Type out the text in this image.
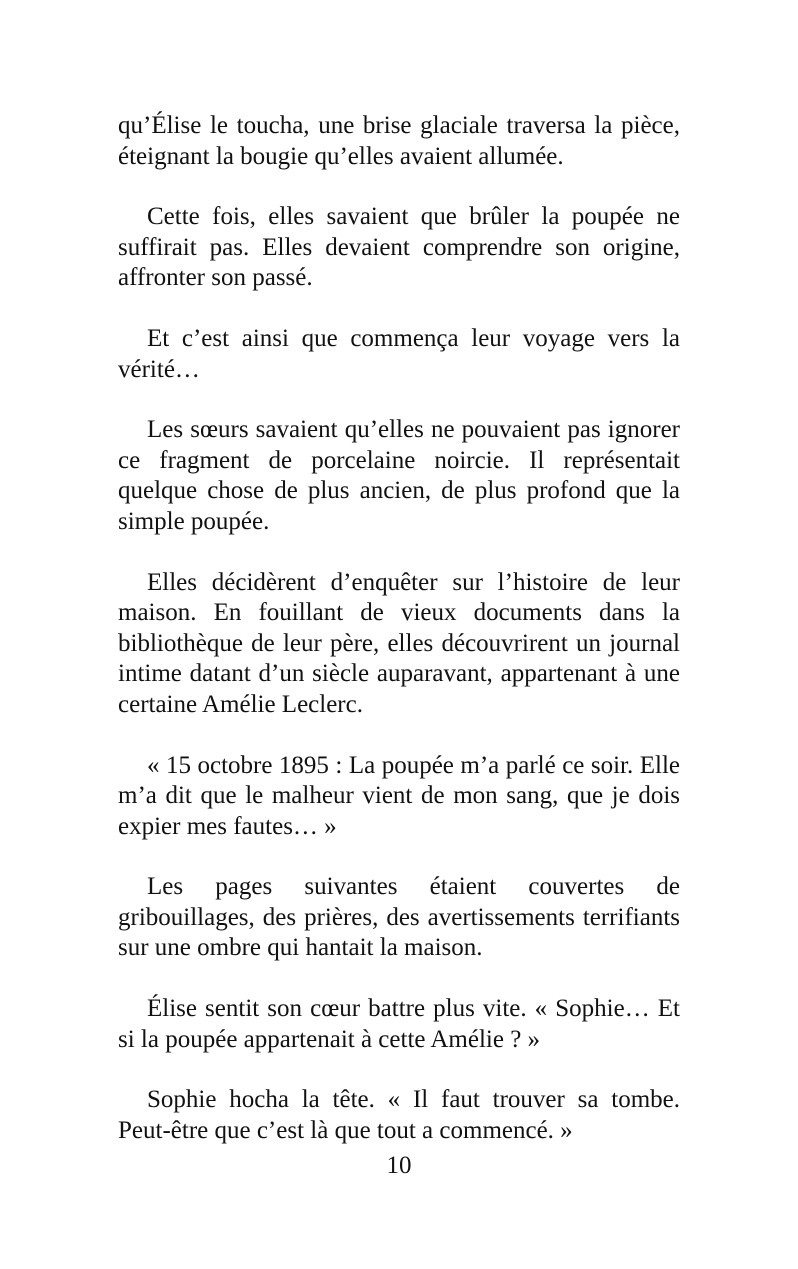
qu’Élise le toucha, une brise glaciale traversa la pièce, éteignant la bougie qu’elles avaient allumée.

Cette fois, elles savaient que brûler la poupée ne suffirait pas. Elles devaient comprendre son origine, affronter son passé.

Et c’est ainsi que commença leur voyage vers la vérité…

Les sœurs savaient qu’elles ne pouvaient pas ignorer ce fragment de porcelaine noircie. Il représentait quelque chose de plus ancien, de plus profond que la simple poupée.

Elles décidèrent d’enquêter sur l’histoire de leur maison. En fouillant de vieux documents dans la bibliothèque de leur père, elles découvrirent un journal intime datant d’un siècle auparavant, appartenant à une certaine Amélie Leclerc.

« 15 octobre 1895 : La poupée m’a parlé ce soir. Elle m’a dit que le malheur vient de mon sang, que je dois expier mes fautes… »

Les pages suivantes étaient couvertes de gribouillages, des prières, des avertissements terrifiants sur une ombre qui hantait la maison.

Élise sentit son cœur battre plus vite. « Sophie… Et si la poupée appartenait à cette Amélie ? »

Sophie hocha la tête. « Il faut trouver sa tombe. Peut-être que c’est là que tout a commencé. »

10
